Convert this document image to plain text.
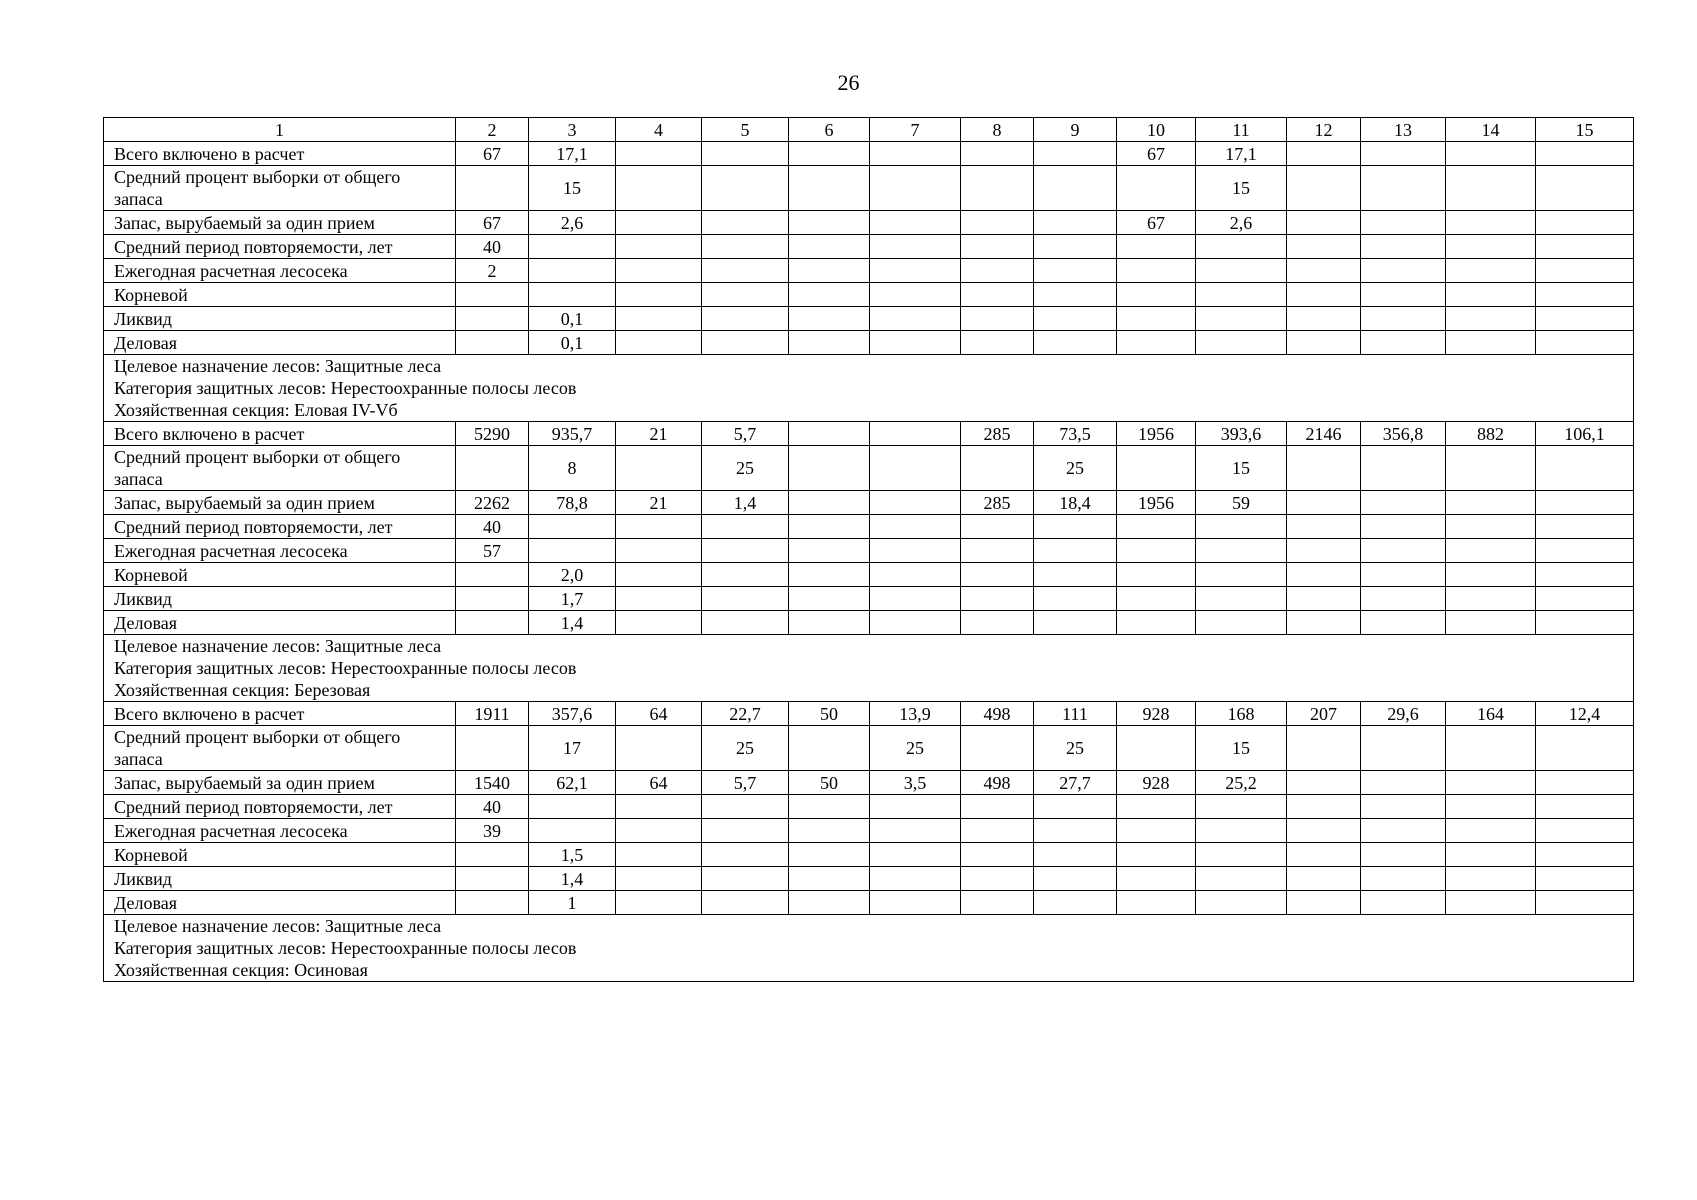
26
1	2	3	4	5	6	7	8	9	10	11	12	13	14	15
Всего включено в расчет	67	17,1							67	17,1				
Средний процент выборки от общего запаса		15								15				
Запас, вырубаемый за один прием	67	2,6							67	2,6				
Средний период повторяемости, лет	40													
Ежегодная расчетная лесосека	2													
Корневой														
Ликвид		0,1												
Деловая		0,1												

Целевое назначение лесов: Защитные леса
Категория защитных лесов: Нерестоохранные полосы лесов
Хозяйственная секция: Еловая IV-Vб														

Всего включено в расчет	5290	935,7	21	5,7			285	73,5	1956	393,6	2146	356,8	882	106,1
Средний процент выборки от общего запаса		8		25				25		15				
Запас, вырубаемый за один прием	2262	78,8	21	1,4			285	18,4	1956	59				
Средний период повторяемости, лет	40													
Ежегодная расчетная лесосека	57													
Корневой		2,0												
Ликвид		1,7												
Деловая		1,4												

Целевое назначение лесов: Защитные леса
Категория защитных лесов: Нерестоохранные полосы лесов
Хозяйственная секция: Березовая														

Всего включено в расчет	1911	357,6	64	22,7	50	13,9	498	111	928	168	207	29,6	164	12,4
Средний процент выборки от общего запаса		17		25		25		25		15				
Запас, вырубаемый за один прием	1540	62,1	64	5,7	50	3,5	498	27,7	928	25,2				
Средний период повторяемости, лет	40													
Ежегодная расчетная лесосека	39													
Корневой		1,5												
Ликвид		1,4												
Деловая		1												

Целевое назначение лесов: Защитные леса
Категория защитных лесов: Нерестоохранные полосы лесов
Хозяйственная секция: Осиновая														
